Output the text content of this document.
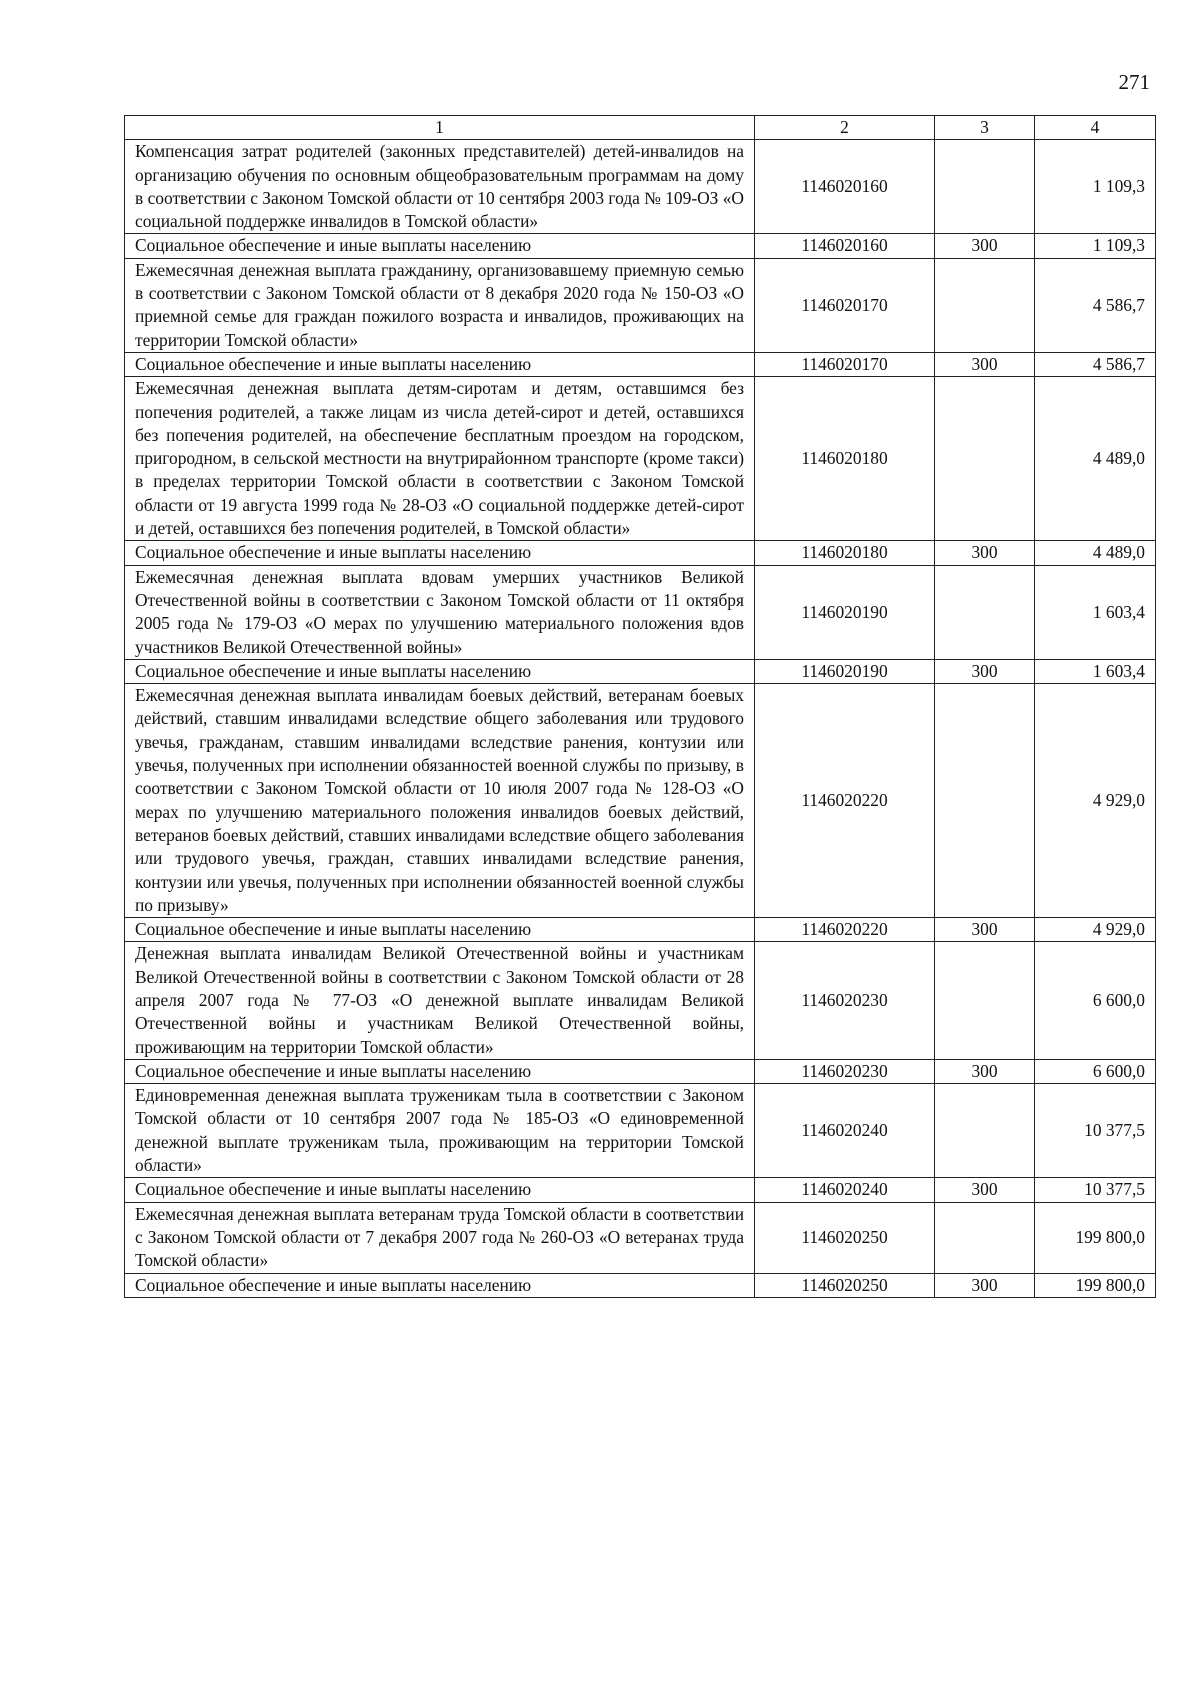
271
1	2	3	4
Компенсация затрат родителей (законных представителей) детей-инвалидов на организацию обучения по основным общеобразовательным программам на дому в соответствии с Законом Томской области от 10 сентября 2003 года № 109-ОЗ «О социальной поддержке инвалидов в Томской области»	1146020160		1 109,3
Социальное обеспечение и иные выплаты населению	1146020160	300	1 109,3
Ежемесячная денежная выплата гражданину, организовавшему приемную семью в соответствии с Законом Томской области от 8 декабря 2020 года № 150-ОЗ «О приемной семье для граждан пожилого возраста и инвалидов, проживающих на территории Томской области»	1146020170		4 586,7
Социальное обеспечение и иные выплаты населению	1146020170	300	4 586,7
Ежемесячная денежная выплата детям-сиротам и детям, оставшимся без попечения родителей, а также лицам из числа детей-сирот и детей, оставшихся без попечения родителей, на обеспечение бесплатным проездом на городском, пригородном, в сельской местности на внутрирайонном транспорте (кроме такси) в пределах территории Томской области в соответствии с Законом Томской области от 19 августа 1999 года № 28-ОЗ «О социальной поддержке детей-сирот и детей, оставшихся без попечения родителей, в Томской области»	1146020180		4 489,0
Социальное обеспечение и иные выплаты населению	1146020180	300	4 489,0
Ежемесячная денежная выплата вдовам умерших участников Великой Отечественной войны в соответствии с Законом Томской области от 11 октября 2005 года № 179-ОЗ «О мерах по улучшению материального положения вдов участников Великой Отечественной войны»	1146020190		1 603,4
Социальное обеспечение и иные выплаты населению	1146020190	300	1 603,4
Ежемесячная денежная выплата инвалидам боевых действий, ветеранам боевых действий, ставшим инвалидами вследствие общего заболевания или трудового увечья, гражданам, ставшим инвалидами вследствие ранения, контузии или увечья, полученных при исполнении обязанностей военной службы по призыву, в соответствии с Законом Томской области от 10 июля 2007 года № 128-ОЗ «О мерах по улучшению материального положения инвалидов боевых действий, ветеранов боевых действий, ставших инвалидами вследствие общего заболевания или трудового увечья, граждан, ставших инвалидами вследствие ранения, контузии или увечья, полученных при исполнении обязанностей военной службы по призыву»	1146020220		4 929,0
Социальное обеспечение и иные выплаты населению	1146020220	300	4 929,0
Денежная выплата инвалидам Великой Отечественной войны и участникам Великой Отечественной войны в соответствии с Законом Томской области от 28 апреля 2007 года № 77-ОЗ «О денежной выплате инвалидам Великой Отечественной войны и участникам Великой Отечественной войны, проживающим на территории Томской области»	1146020230		6 600,0
Социальное обеспечение и иные выплаты населению	1146020230	300	6 600,0
Единовременная денежная выплата труженикам тыла в соответствии с Законом Томской области от 10 сентября 2007 года № 185-ОЗ «О единовременной денежной выплате труженикам тыла, проживающим на территории Томской области»	1146020240		10 377,5
Социальное обеспечение и иные выплаты населению	1146020240	300	10 377,5
Ежемесячная денежная выплата ветеранам труда Томской области в соответствии с Законом Томской области от 7 декабря 2007 года № 260-ОЗ «О ветеранах труда Томской области»	1146020250		199 800,0
Социальное обеспечение и иные выплаты населению	1146020250	300	199 800,0
